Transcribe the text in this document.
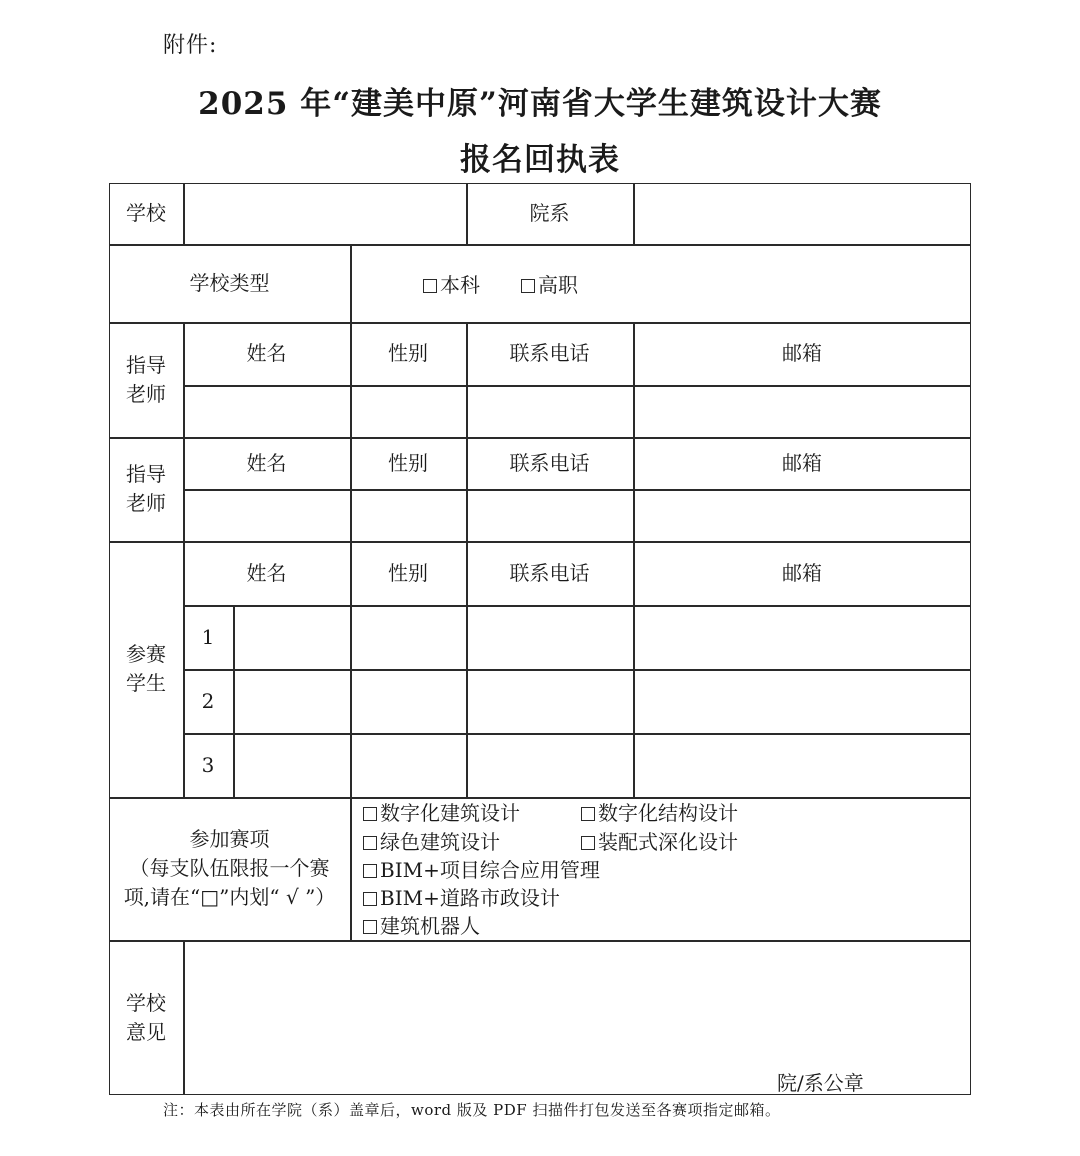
附件:
2025 年“建美中原”河南省大学生建筑设计大赛
报名回执表
学校	院系
学校类型	本科	高职
指导
老师
姓名	性别	联系电话	邮箱
指导
老师
姓名	性别	联系电话	邮箱
参赛
学生
姓名	性别	联系电话	邮箱
1
2
3
参加赛项
（每支队伍限报一个赛
项,请在“□”内划“ √ ”）
数字化建筑设计	数字化结构设计
绿色建筑设计	装配式深化设计
BIM+项目综合应用管理
BIM+道路市政设计
建筑机器人
学校
意见
院/系公章
注：本表由所在学院（系）盖章后，word 版及 PDF 扫描件打包发送至各赛项指定邮箱。
